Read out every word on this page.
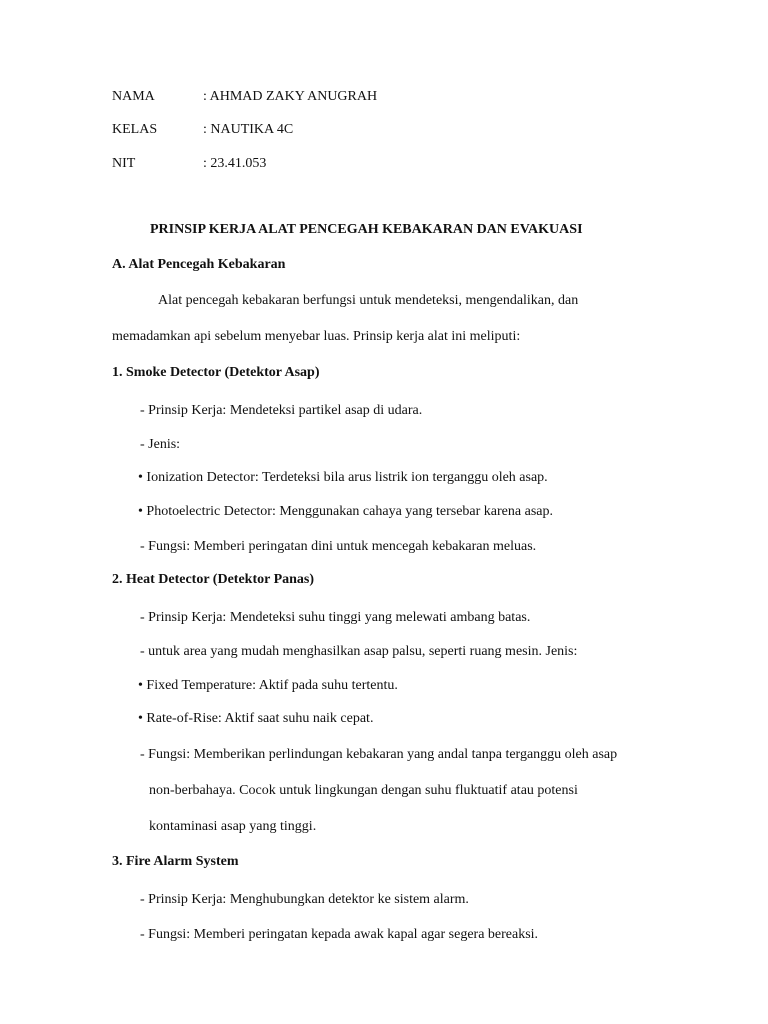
NAMA	: AHMAD ZAKY ANUGRAH
KELAS	: NAUTIKA 4C
NIT	: 23.41.053
PRINSIP KERJA ALAT PENCEGAH KEBAKARAN DAN EVAKUASI
A. Alat Pencegah Kebakaran
Alat pencegah kebakaran berfungsi untuk mendeteksi, mengendalikan, dan
memadamkan api sebelum menyebar luas. Prinsip kerja alat ini meliputi:
1. Smoke Detector (Detektor Asap)
- Prinsip Kerja: Mendeteksi partikel asap di udara.
- Jenis:
• Ionization Detector: Terdeteksi bila arus listrik ion terganggu oleh asap.
• Photoelectric Detector: Menggunakan cahaya yang tersebar karena asap.
- Fungsi: Memberi peringatan dini untuk mencegah kebakaran meluas.
2. Heat Detector (Detektor Panas)
- Prinsip Kerja: Mendeteksi suhu tinggi yang melewati ambang batas.
- untuk area yang mudah menghasilkan asap palsu, seperti ruang mesin. Jenis:
• Fixed Temperature: Aktif pada suhu tertentu.
• Rate-of-Rise: Aktif saat suhu naik cepat.
- Fungsi: Memberikan perlindungan kebakaran yang andal tanpa terganggu oleh asap
non-berbahaya. Cocok untuk lingkungan dengan suhu fluktuatif atau potensi
kontaminasi asap yang tinggi.
3. Fire Alarm System
- Prinsip Kerja: Menghubungkan detektor ke sistem alarm.
- Fungsi: Memberi peringatan kepada awak kapal agar segera bereaksi.
